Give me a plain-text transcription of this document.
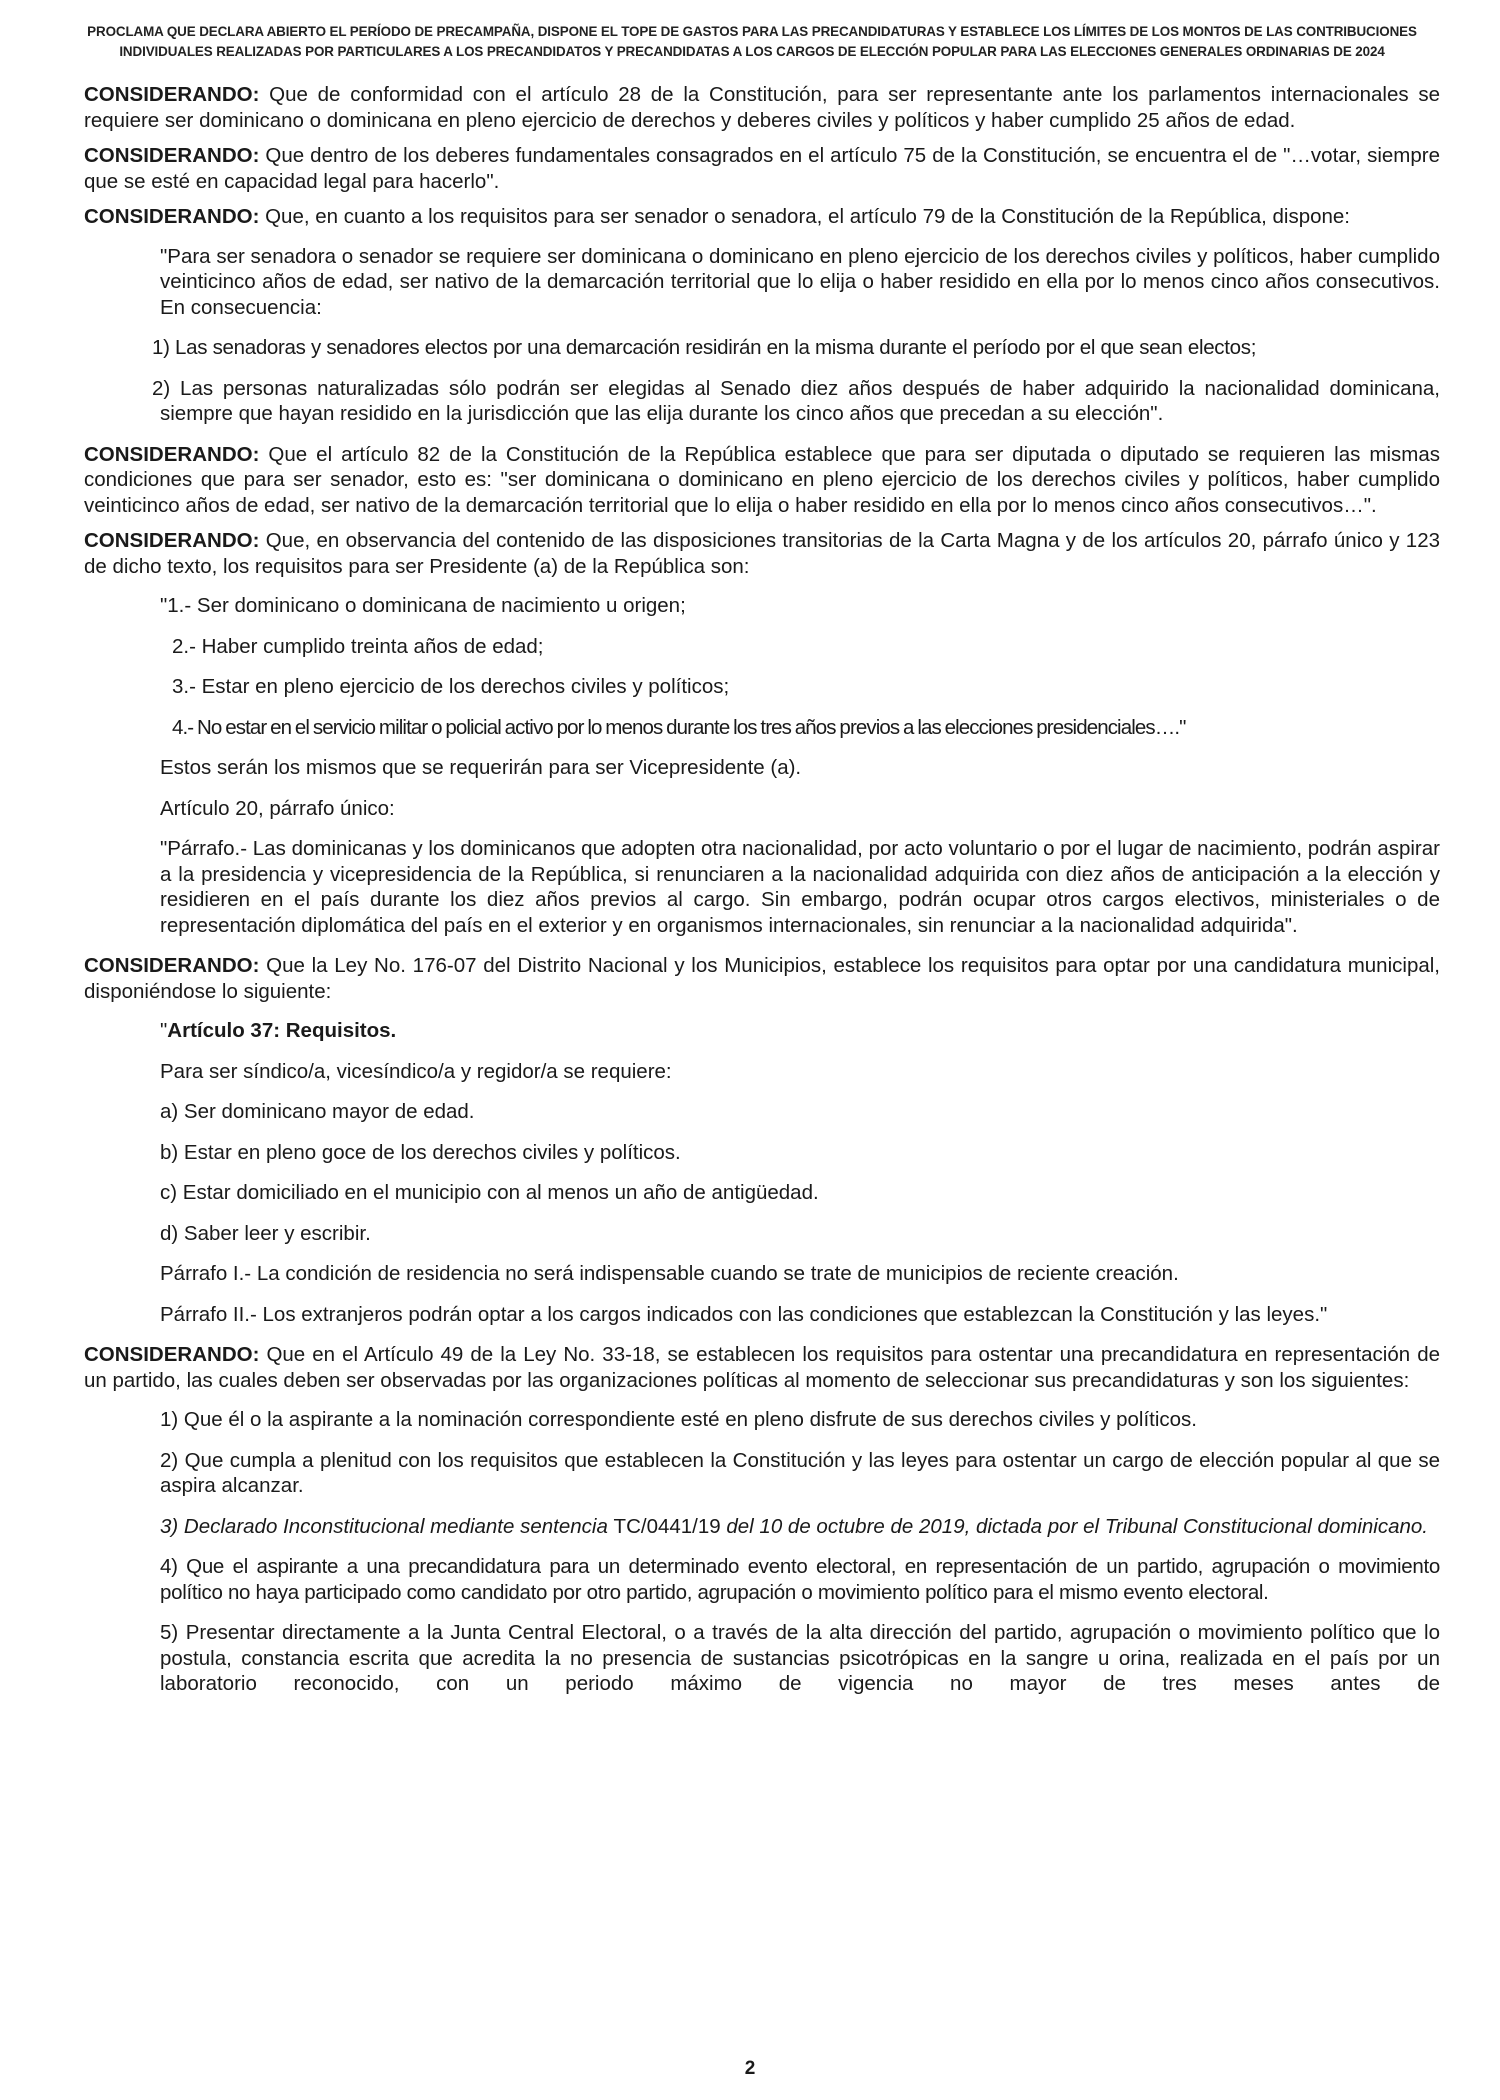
PROCLAMA QUE DECLARA ABIERTO EL PERÍODO DE PRECAMPAÑA, DISPONE EL TOPE DE GASTOS PARA LAS PRECANDIDATURAS Y ESTABLECE LOS LÍMITES DE LOS MONTOS DE LAS CONTRIBUCIONES
INDIVIDUALES REALIZADAS POR PARTICULARES A LOS PRECANDIDATOS Y PRECANDIDATAS A LOS CARGOS DE ELECCIÓN POPULAR PARA LAS ELECCIONES GENERALES ORDINARIAS DE 2024

CONSIDERANDO: Que de conformidad con el artículo 28 de la Constitución, para ser representante ante los parlamentos internacionales se requiere ser dominicano o dominicana en pleno ejercicio de derechos y deberes civiles y políticos y haber cumplido 25 años de edad.

CONSIDERANDO: Que dentro de los deberes fundamentales consagrados en el artículo 75 de la Constitución, se encuentra el de "…votar, siempre que se esté en capacidad legal para hacerlo".

CONSIDERANDO: Que, en cuanto a los requisitos para ser senador o senadora, el artículo 79 de la Constitución de la República, dispone:

"Para ser senadora o senador se requiere ser dominicana o dominicano en pleno ejercicio de los derechos civiles y políticos, haber cumplido veinticinco años de edad, ser nativo de la demarcación territorial que lo elija o haber residido en ella por lo menos cinco años consecutivos. En consecuencia:

1) Las senadoras y senadores electos por una demarcación residirán en la misma durante el período por el que sean electos;

2) Las personas naturalizadas sólo podrán ser elegidas al Senado diez años después de haber adquirido la nacionalidad dominicana, siempre que hayan residido en la jurisdicción que las elija durante los cinco años que precedan a su elección".

CONSIDERANDO: Que el artículo 82 de la Constitución de la República establece que para ser diputada o diputado se requieren las mismas condiciones que para ser senador, esto es: "ser dominicana o dominicano en pleno ejercicio de los derechos civiles y políticos, haber cumplido veinticinco años de edad, ser nativo de la demarcación territorial que lo elija o haber residido en ella por lo menos cinco años consecutivos…".

CONSIDERANDO: Que, en observancia del contenido de las disposiciones transitorias de la Carta Magna y de los artículos 20, párrafo único y 123 de dicho texto, los requisitos para ser Presidente (a) de la República son:

"1.- Ser dominicano o dominicana de nacimiento u origen;

2.- Haber cumplido treinta años de edad;

3.- Estar en pleno ejercicio de los derechos civiles y políticos;

4.- No estar en el servicio militar o policial activo por lo menos durante los tres años previos a las elecciones presidenciales…."

Estos serán los mismos que se requerirán para ser Vicepresidente (a).

Artículo 20, párrafo único:

"Párrafo.- Las dominicanas y los dominicanos que adopten otra nacionalidad, por acto voluntario o por el lugar de nacimiento, podrán aspirar a la presidencia y vicepresidencia de la República, si renunciaren a la nacionalidad adquirida con diez años de anticipación a la elección y residieren en el país durante los diez años previos al cargo. Sin embargo, podrán ocupar otros cargos electivos, ministeriales o de representación diplomática del país en el exterior y en organismos internacionales, sin renunciar a la nacionalidad adquirida".

CONSIDERANDO: Que la Ley No. 176-07 del Distrito Nacional y los Municipios, establece los requisitos para optar por una candidatura municipal, disponiéndose lo siguiente:

"Artículo 37: Requisitos.

Para ser síndico/a, vicesíndico/a y regidor/a se requiere:

a) Ser dominicano mayor de edad.

b) Estar en pleno goce de los derechos civiles y políticos.

c) Estar domiciliado en el municipio con al menos un año de antigüedad.

d) Saber leer y escribir.

Párrafo I.- La condición de residencia no será indispensable cuando se trate de municipios de reciente creación.

Párrafo II.- Los extranjeros podrán optar a los cargos indicados con las condiciones que establezcan la Constitución y las leyes."

CONSIDERANDO: Que en el Artículo 49 de la Ley No. 33-18, se establecen los requisitos para ostentar una precandidatura en representación de un partido, las cuales deben ser observadas por las organizaciones políticas al momento de seleccionar sus precandidaturas y son los siguientes:

1) Que él o la aspirante a la nominación correspondiente esté en pleno disfrute de sus derechos civiles y políticos.

2) Que cumpla a plenitud con los requisitos que establecen la Constitución y las leyes para ostentar un cargo de elección popular al que se aspira alcanzar.

3) Declarado Inconstitucional mediante sentencia TC/0441/19 del 10 de octubre de 2019, dictada por el Tribunal Constitucional dominicano.

4) Que el aspirante a una precandidatura para un determinado evento electoral, en representación de un partido, agrupación o movimiento político no haya participado como candidato por otro partido, agrupación o movimiento político para el mismo evento electoral.

5) Presentar directamente a la Junta Central Electoral, o a través de la alta dirección del partido, agrupación o movimiento político que lo postula, constancia escrita que acredita la no presencia de sustancias psicotrópicas en la sangre u orina, realizada en el país por un laboratorio reconocido, con un periodo máximo de vigencia no mayor de tres meses antes de

2
